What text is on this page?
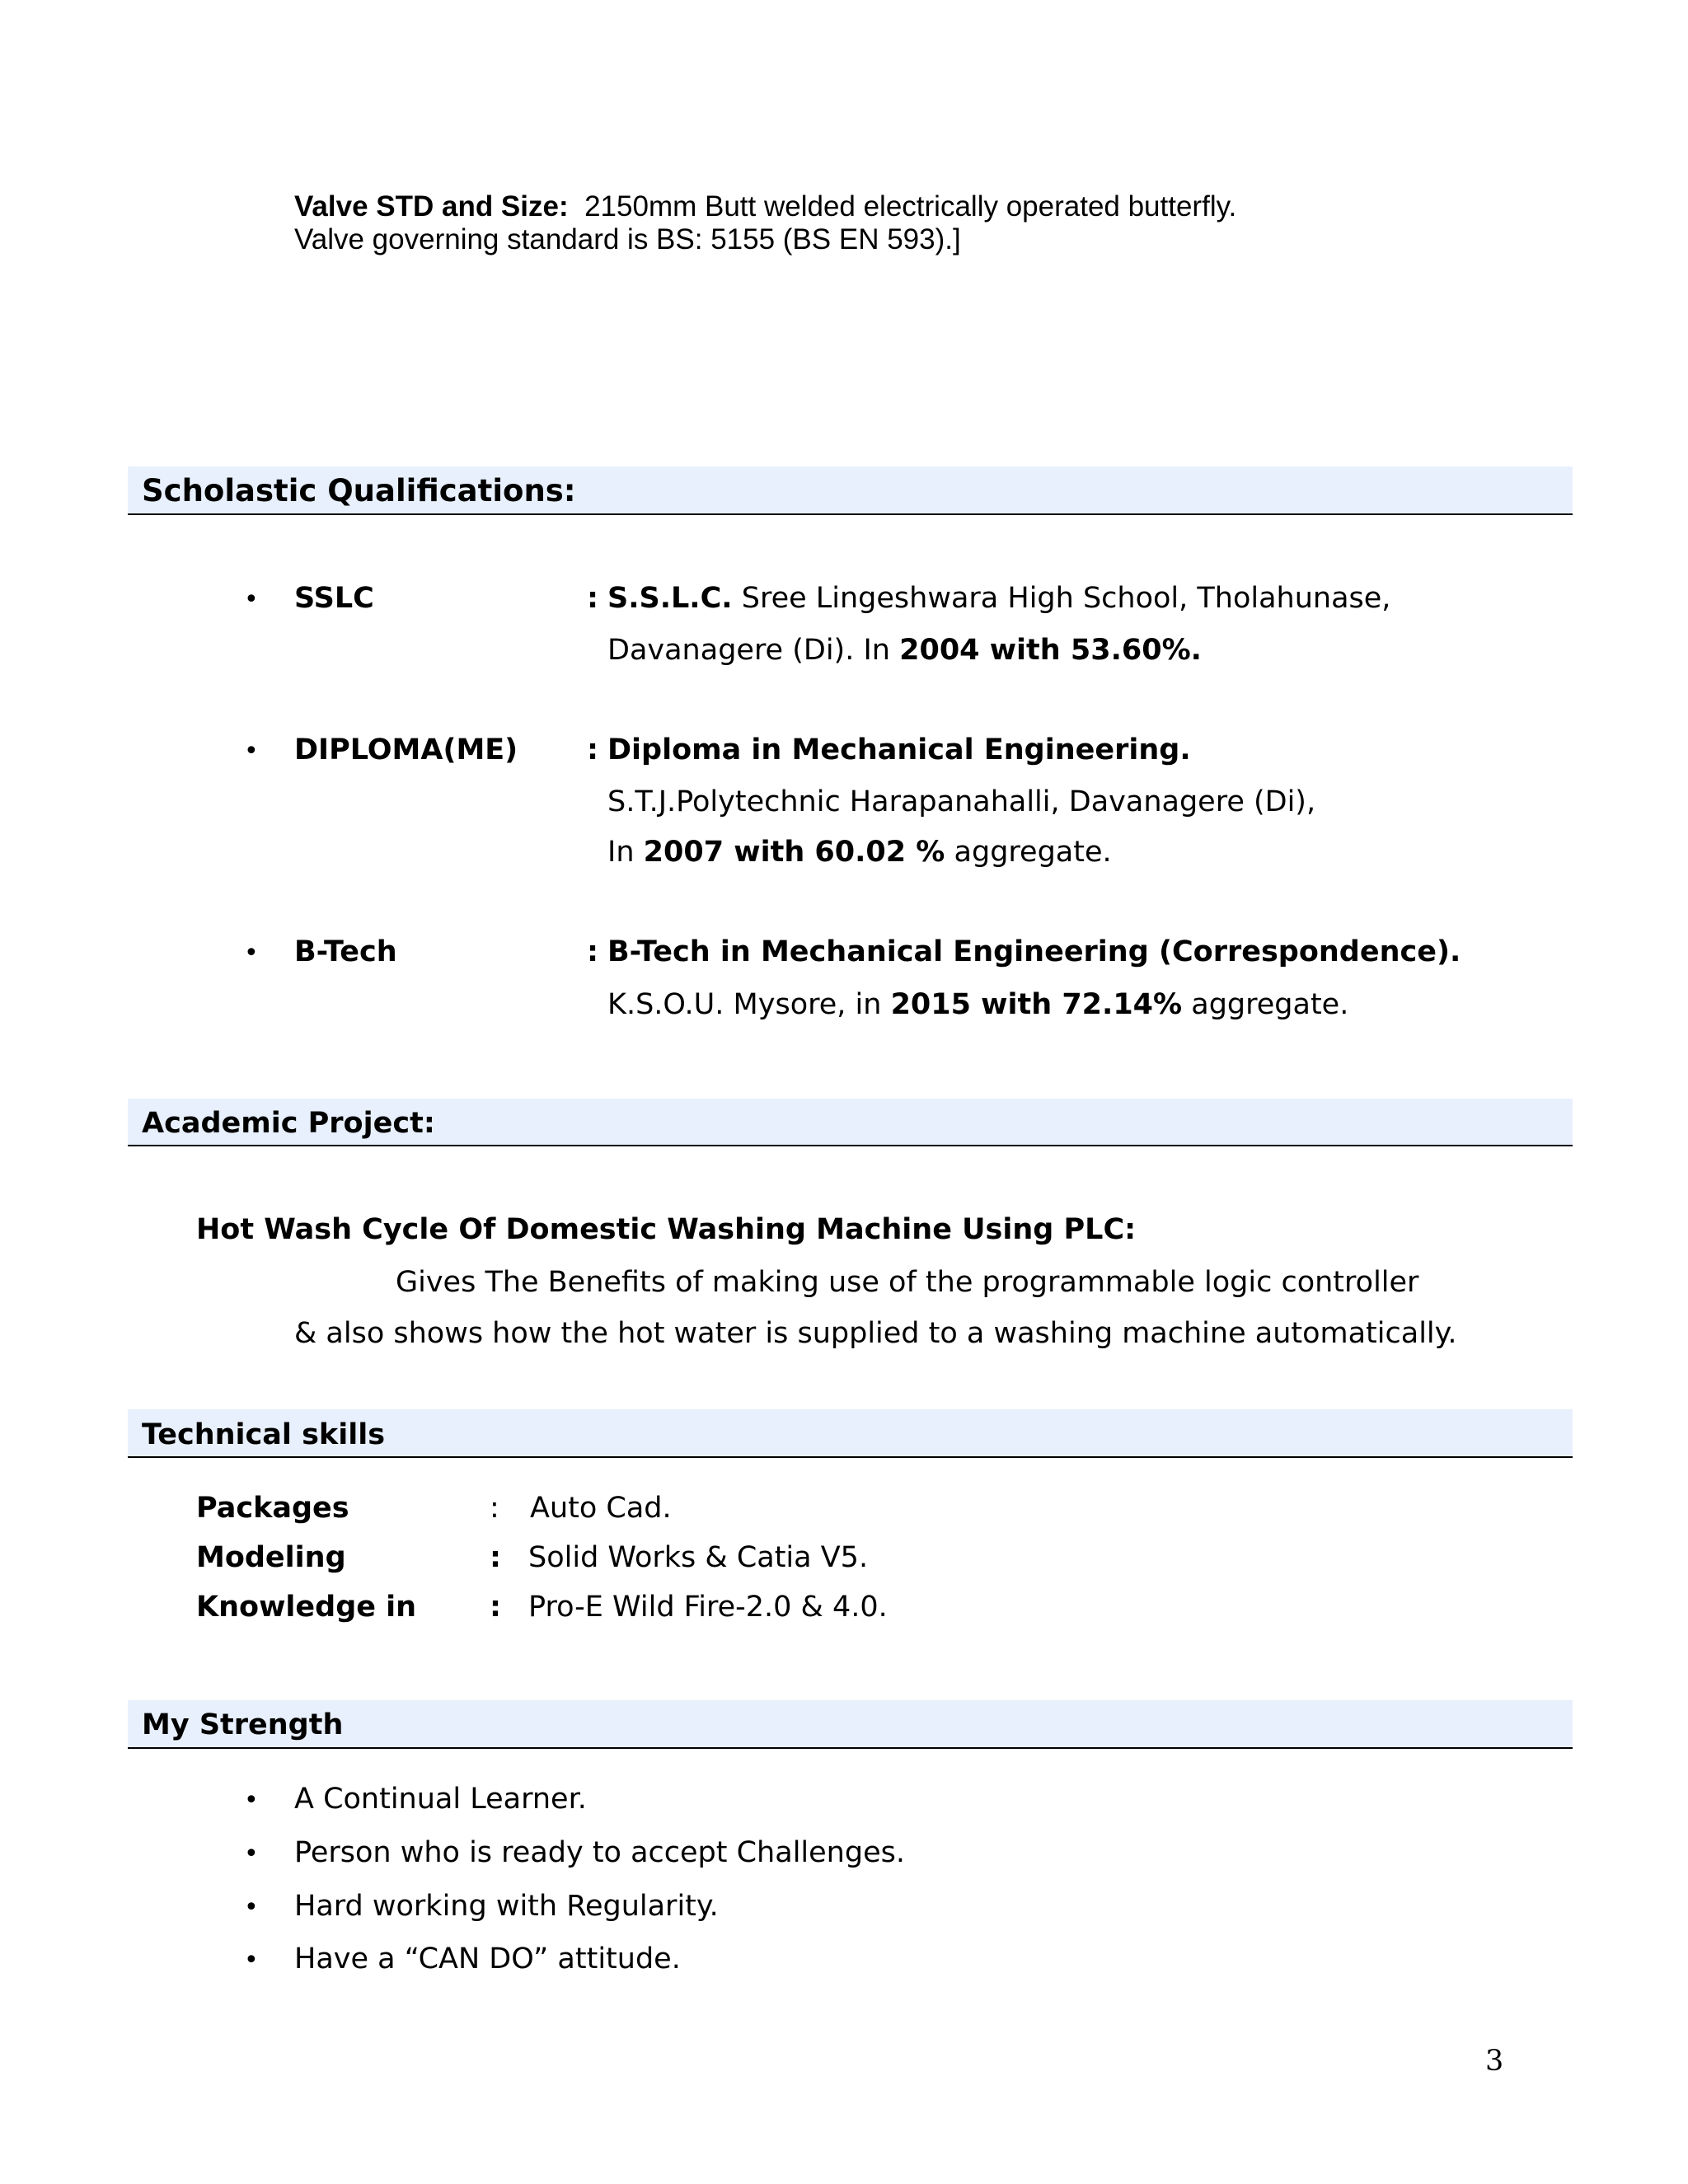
Valve STD and Size: 2150mm Butt welded electrically operated butterfly.
Valve governing standard is BS: 5155 (BS EN 593).]
Scholastic Qualifications:
• SSLC	: S.S.L.C. Sree Lingeshwara High School, Tholahunase,
Davanagere (Di). In 2004 with 53.60%.
• DIPLOMA(ME) : Diploma in Mechanical Engineering.
S.T.J.Polytechnic Harapanahalli, Davanagere (Di),
In 2007 with 60.02 % aggregate.
• B-Tech	: B-Tech in Mechanical Engineering (Correspondence).
K.S.O.U. Mysore, in 2015 with 72.14% aggregate.
Academic Project:
Hot Wash Cycle Of Domestic Washing Machine Using PLC:
Gives The Benefits of making use of the programmable logic controller
& also shows how the hot water is supplied to a washing machine automatically.
Technical skills
Packages	: Auto Cad.
Modeling	: Solid Works & Catia V5.
Knowledge in	: Pro-E Wild Fire-2.0 & 4.0.
My Strength
• A Continual Learner.
• Person who is ready to accept Challenges.
• Hard working with Regularity.
• Have a “CAN DO” attitude.
3
